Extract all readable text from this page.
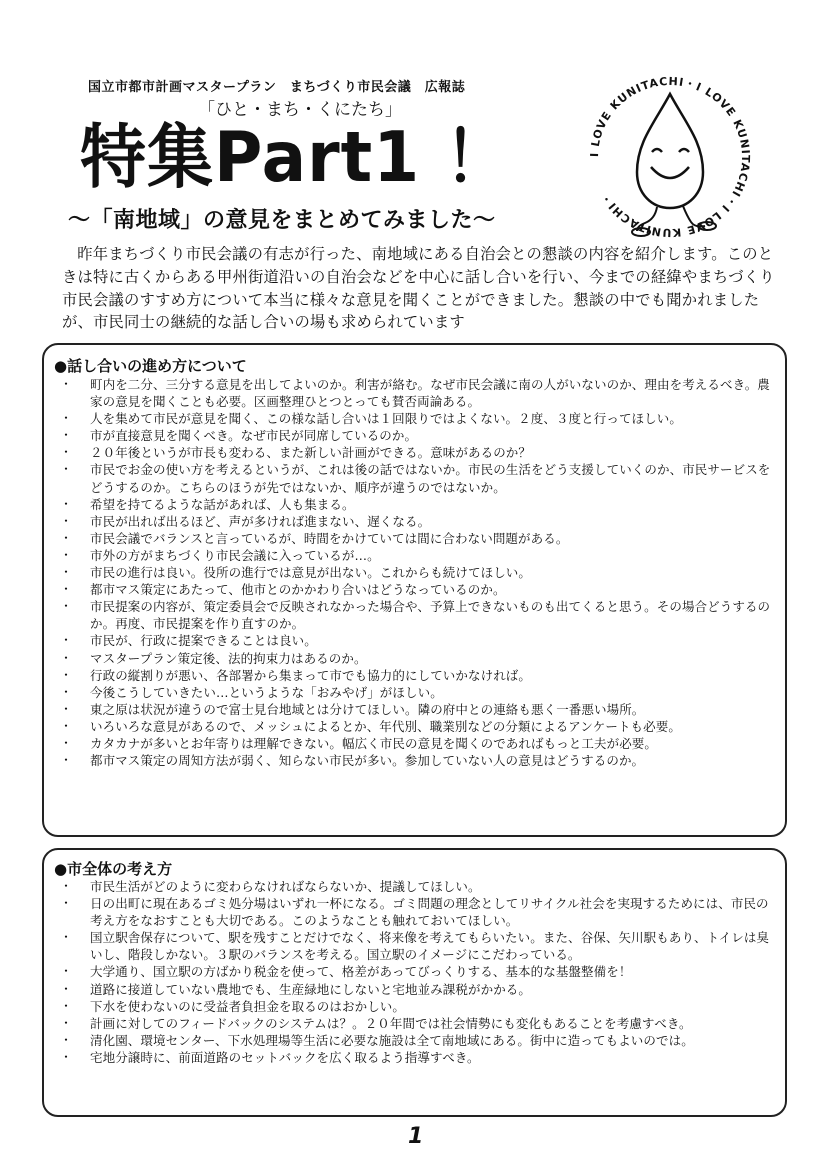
国立市都市計画マスタープラン　まちづくり市民会議　広報誌
「ひと・まち・くにたち」
特集Part1 ！
～「南地域」の意見をまとめてみました～
I LOVE KUNITACHI・I LOVE KUNITACHI・I LOVE KUNITACHI・

昨年まちづくり市民会議の有志が行った、南地域にある自治会との懇談の内容を紹介します。このときは特に古くからある甲州街道沿いの自治会などを中心に話し合いを行い、今までの経緯やまちづくり市民会議のすすめ方について本当に様々な意見を聞くことができました。懇談の中でも聞かれましたが、市民同士の継続的な話し合いの場も求められています

●話し合いの進め方について
・ 町内を二分、三分する意見を出してよいのか。利害が絡む。なぜ市民会議に南の人がいないのか、理由を考えるべき。農家の意見を聞くことも必要。区画整理ひとつとっても賛否両論ある。
・ 人を集めて市民が意見を聞く、この様な話し合いは１回限りではよくない。２度、３度と行ってほしい。
・ 市が直接意見を聞くべき。なぜ市民が同席しているのか。
・ ２０年後というが市長も変わる、また新しい計画ができる。意味があるのか？
・ 市民でお金の使い方を考えるというが、これは後の話ではないか。市民の生活をどう支援していくのか、市民サービスをどうするのか。こちらのほうが先ではないか、順序が違うのではないか。
・ 希望を持てるような話があれば、人も集まる。
・ 市民が出れば出るほど、声が多ければ進まない、遅くなる。
・ 市民会議でバランスと言っているが、時間をかけていては間に合わない問題がある。
・ 市外の方がまちづくり市民会議に入っているが…。
・ 市民の進行は良い。役所の進行では意見が出ない。これからも続けてほしい。
・ 都市マス策定にあたって、他市とのかかわり合いはどうなっているのか。
・ 市民提案の内容が、策定委員会で反映されなかった場合や、予算上できないものも出てくると思う。その場合どうするのか。再度、市民提案を作り直すのか。
・ 市民が、行政に提案できることは良い。
・ マスタープラン策定後、法的拘束力はあるのか。
・ 行政の縦割りが悪い、各部署から集まって市でも協力的にしていかなければ。
・ 今後こうしていきたい…というような「おみやげ」がほしい。
・ 東之原は状況が違うので富士見台地域とは分けてほしい。隣の府中との連絡も悪く一番悪い場所。
・ いろいろな意見があるので、メッシュによるとか、年代別、職業別などの分類によるアンケートも必要。
・ カタカナが多いとお年寄りは理解できない。幅広く市民の意見を聞くのであればもっと工夫が必要。
・ 都市マス策定の周知方法が弱く、知らない市民が多い。参加していない人の意見はどうするのか。
●市全体の考え方
・ 市民生活がどのように変わらなければならないか、提議してほしい。
・ 日の出町に現在あるゴミ処分場はいずれ一杯になる。ゴミ問題の理念としてリサイクル社会を実現するためには、市民の考え方をなおすことも大切である。このようなことも触れておいてほしい。
・ 国立駅舎保存について、駅を残すことだけでなく、将来像を考えてもらいたい。また、谷保、矢川駅もあり、トイレは臭いし、階段しかない。３駅のバランスを考える。国立駅のイメージにこだわっている。
・ 大学通り、国立駅の方ばかり税金を使って、格差があってびっくりする、基本的な基盤整備を！
・ 道路に接道していない農地でも、生産緑地にしないと宅地並み課税がかかる。
・ 下水を使わないのに受益者負担金を取るのはおかしい。
・ 計画に対してのフィードバックのシステムは？。２０年間では社会情勢にも変化もあることを考慮すべき。
・ 清化園、環境センター、下水処理場等生活に必要な施設は全て南地域にある。街中に造ってもよいのでは。
・ 宅地分譲時に、前面道路のセットバックを広く取るよう指導すべき。
1
